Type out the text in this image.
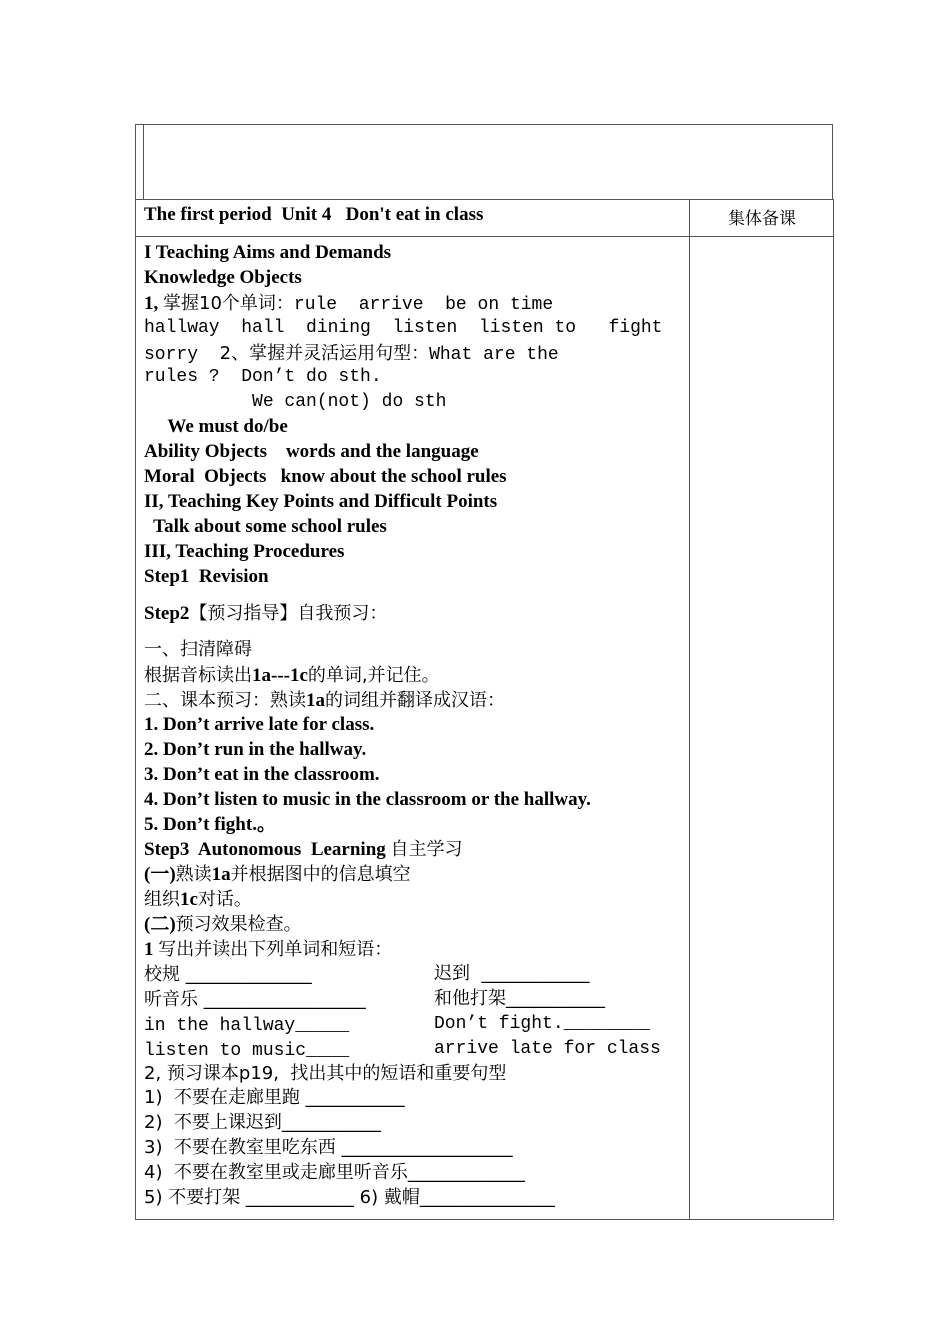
The first period  Unit 4   Don't eat in class	集体备课
I Teaching Aims and Demands
Knowledge Objects
1, 掌握10个单词：rule  arrive  be on time
hallway  hall  dining  listen  listen to   fight
sorry  2、掌握并灵活运用句型：What are the
rules ?  Don’t do sth.
We can(not) do sth
We must do/be
Ability Objects    words and the language
Moral  Objects   know about the school rules
II, Teaching Key Points and Difficult Points
Talk about some school rules
III, Teaching Procedures
Step1  Revision
Step2【预习指导】自我预习：
一、扫清障碍
根据音标读出1a---1c的单词,并记住。
二、课本预习：熟读1a的词组并翻译成汉语：
1. Don’t arrive late for class.
2. Don’t run in the hallway.
3. Don’t eat in the classroom.
4. Don’t listen to music in the classroom or the hallway.
5. Don’t fight.。
Step3  Autonomous  Learning 自主学习
(一)熟读1a并根据图中的信息填空
组织1c对话。
(二)预习效果检查。
1 写出并读出下列单词和短语：
校规 ______________	迟到  ____________
听音乐 __________________	和他打架___________
in the hallway_____	Don’t fight.________
listen to music____	arrive late for class
2, 预习课本p19,  找出其中的短语和重要句型
1)  不要在走廊里跑 ___________
2)  不要上课迟到___________
3)  不要在教室里吃东西 ___________________
4)  不要在教室里或走廊里听音乐_____________
5) 不要打架 ____________ 6) 戴帽_______________
